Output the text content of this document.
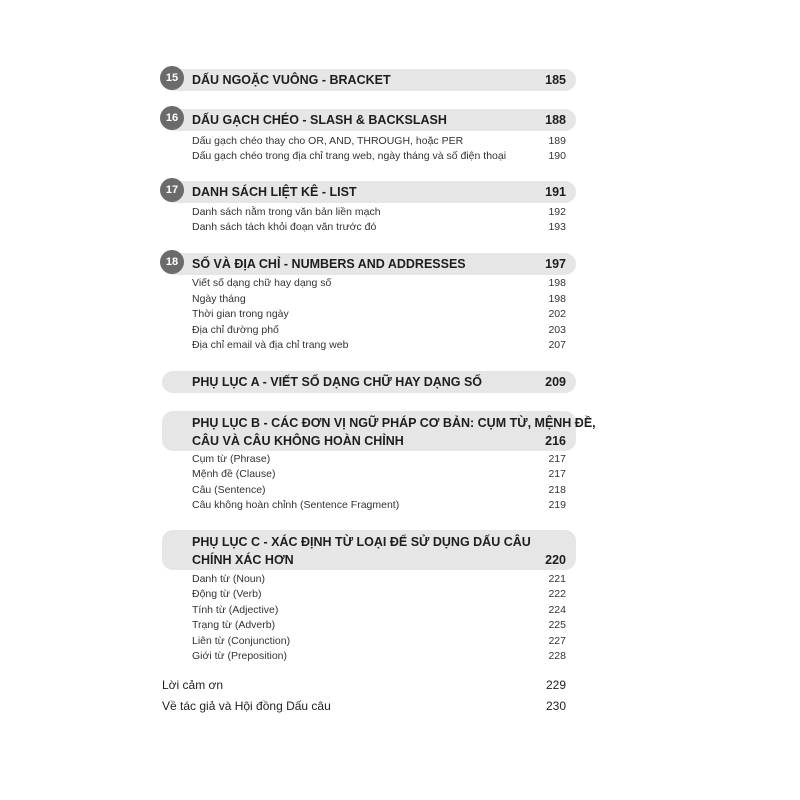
15	DẤU NGOẶC VUÔNG - BRACKET	185
16	DẤU GẠCH CHÉO - SLASH & BACKSLASH	188
Dấu gạch chéo thay cho OR, AND, THROUGH, hoặc PER	189
Dấu gạch chéo trong địa chỉ trang web, ngày tháng và số điện thoại	190
17	DANH SÁCH LIỆT KÊ - LIST	191
Danh sách nằm trong văn bản liền mạch	192
Danh sách tách khỏi đoạn văn trước đó	193
18	SỐ VÀ ĐỊA CHỈ - NUMBERS AND ADDRESSES	197
Viết số dạng chữ hay dạng số	198
Ngày tháng	198
Thời gian trong ngày	202
Địa chỉ đường phố	203
Địa chỉ email và địa chỉ trang web	207
PHỤ LỤC A - VIẾT SỐ DẠNG CHỮ HAY DẠNG SỐ	209
PHỤ LỤC B - CÁC ĐƠN VỊ NGỮ PHÁP CƠ BẢN: CỤM TỪ, MỆNH ĐỀ,
CÂU VÀ CÂU KHÔNG HOÀN CHỈNH	216
Cụm từ (Phrase)	217
Mệnh đề (Clause)	217
Câu (Sentence)	218
Câu không hoàn chỉnh (Sentence Fragment)	219
PHỤ LỤC C - XÁC ĐỊNH TỪ LOẠI ĐỂ SỬ DỤNG DẤU CÂU
CHÍNH XÁC HƠN	220
Danh từ (Noun)	221
Động từ (Verb)	222
Tính từ (Adjective)	224
Trạng từ (Adverb)	225
Liên từ (Conjunction)	227
Giới từ (Preposition)	228
Lời cảm ơn	229
Về tác giả và Hội đồng Dấu câu	230
